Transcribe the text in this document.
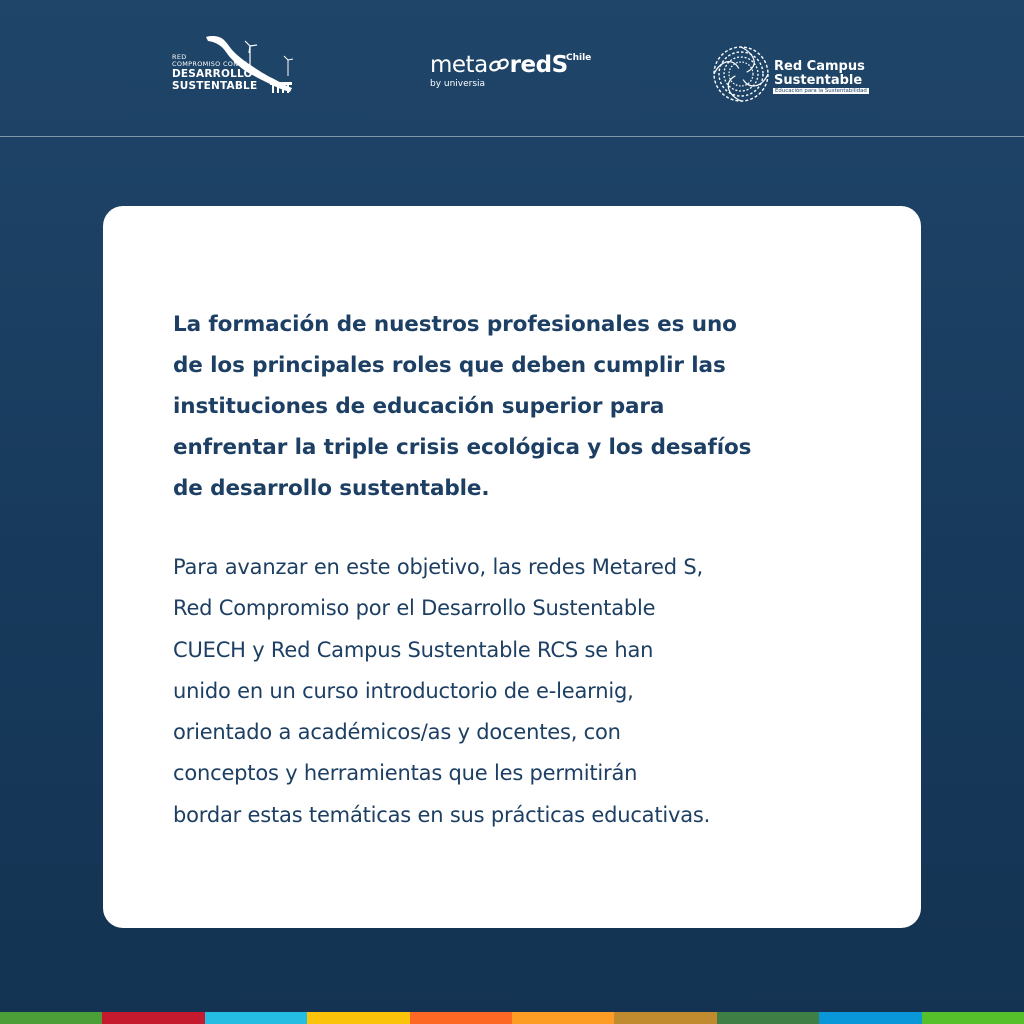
RED
COMPROMISO CON EL
DESARROLLO
SUSTENTABLE
meta redS
Chile
by universia
Red Campus
Sustentable
Educación para la Sustentabilidad

La formación de nuestros profesionales es uno
de los principales roles que deben cumplir las
instituciones de educación superior para
enfrentar la triple crisis ecológica y los desafíos
de desarrollo sustentable.

Para avanzar en este objetivo, las redes Metared S,
Red Compromiso por el Desarrollo Sustentable
CUECH y Red Campus Sustentable RCS se han
unido en un curso introductorio de e-learnig,
orientado a académicos/as y docentes, con
conceptos y herramientas que les permitirán
bordar estas temáticas en sus prácticas educativas.
